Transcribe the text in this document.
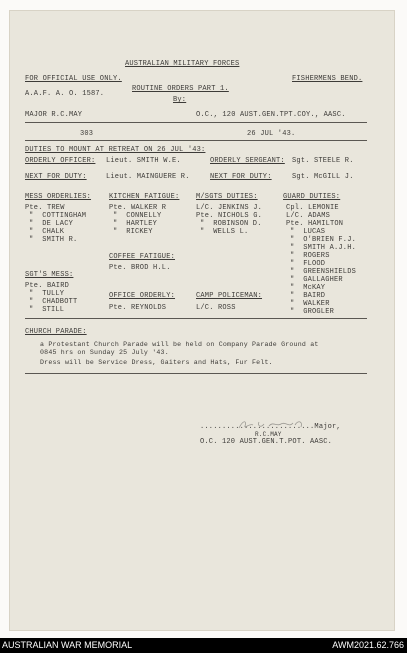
AUSTRALIAN MILITARY FORCES
FOR OFFICIAL USE ONLY.	FISHERMENS BEND.
ROUTINE ORDERS PART 1.
A.A.F. A. O. 1587.
By:
MAJOR R.C.MAY	O.C., 120 AUST.GEN.TPT.COY., AASC.
303	26 JUL '43.
DUTIES TO MOUNT AT RETREAT ON 26 JUL '43:
ORDERLY OFFICER: Lieut. SMITH W.E.	ORDERLY SERGEANT: Sgt. STEELE R.
NEXT FOR DUTY:	Lieut. MAINGUERE R.	NEXT FOR DUTY:	Sgt. McGILL J.
MESS ORDERLIES:
Pte. TREW
"  COTTINGHAM
"  DE LACY
"  CHALK
"  SMITH R.
KITCHEN FATIGUE:
Pte. WALKER R
"  CONNELLY
"  HARTLEY
"  RICKEY
M/SGTS DUTIES:
L/C. JENKINS J.
Pte. NICHOLS G.
"  ROBINSON D.
"  WELLS L.
GUARD DUTIES:
Cpl. LEMONIE
L/C. ADAMS
Pte. HAMILTON
"  LUCAS
"  O'BRIEN F.J.
"  SMITH A.J.H.
"  ROGERS
"  FLOOD
"  GREENSHIELDS
"  GALLAGHER
"  McKAY
"  BAIRD
"  WALKER
"  GROGLER
COFFEE FATIGUE:
Pte. BROD H.L.
SGT'S MESS:
Pte. BAIRD
"  TULLY
"  CHADBOTT
"  STILL
OFFICE ORDERLY:
Pte. REYNOLDS
CAMP POLICEMAN:
L/C. ROSS
CHURCH PARADE:
a Protestant Church Parade will be held on Company Parade Ground at
0845 hrs on Sunday 25 July '43.
Dress will be Service Dress, Gaiters and Hats, Fur Felt.
..........................Major,
R.C.MAY
O.C. 120 AUST.GEN.T.POT. AASC.
AUSTRALIAN WAR MEMORIAL	AWM2021.62.766
